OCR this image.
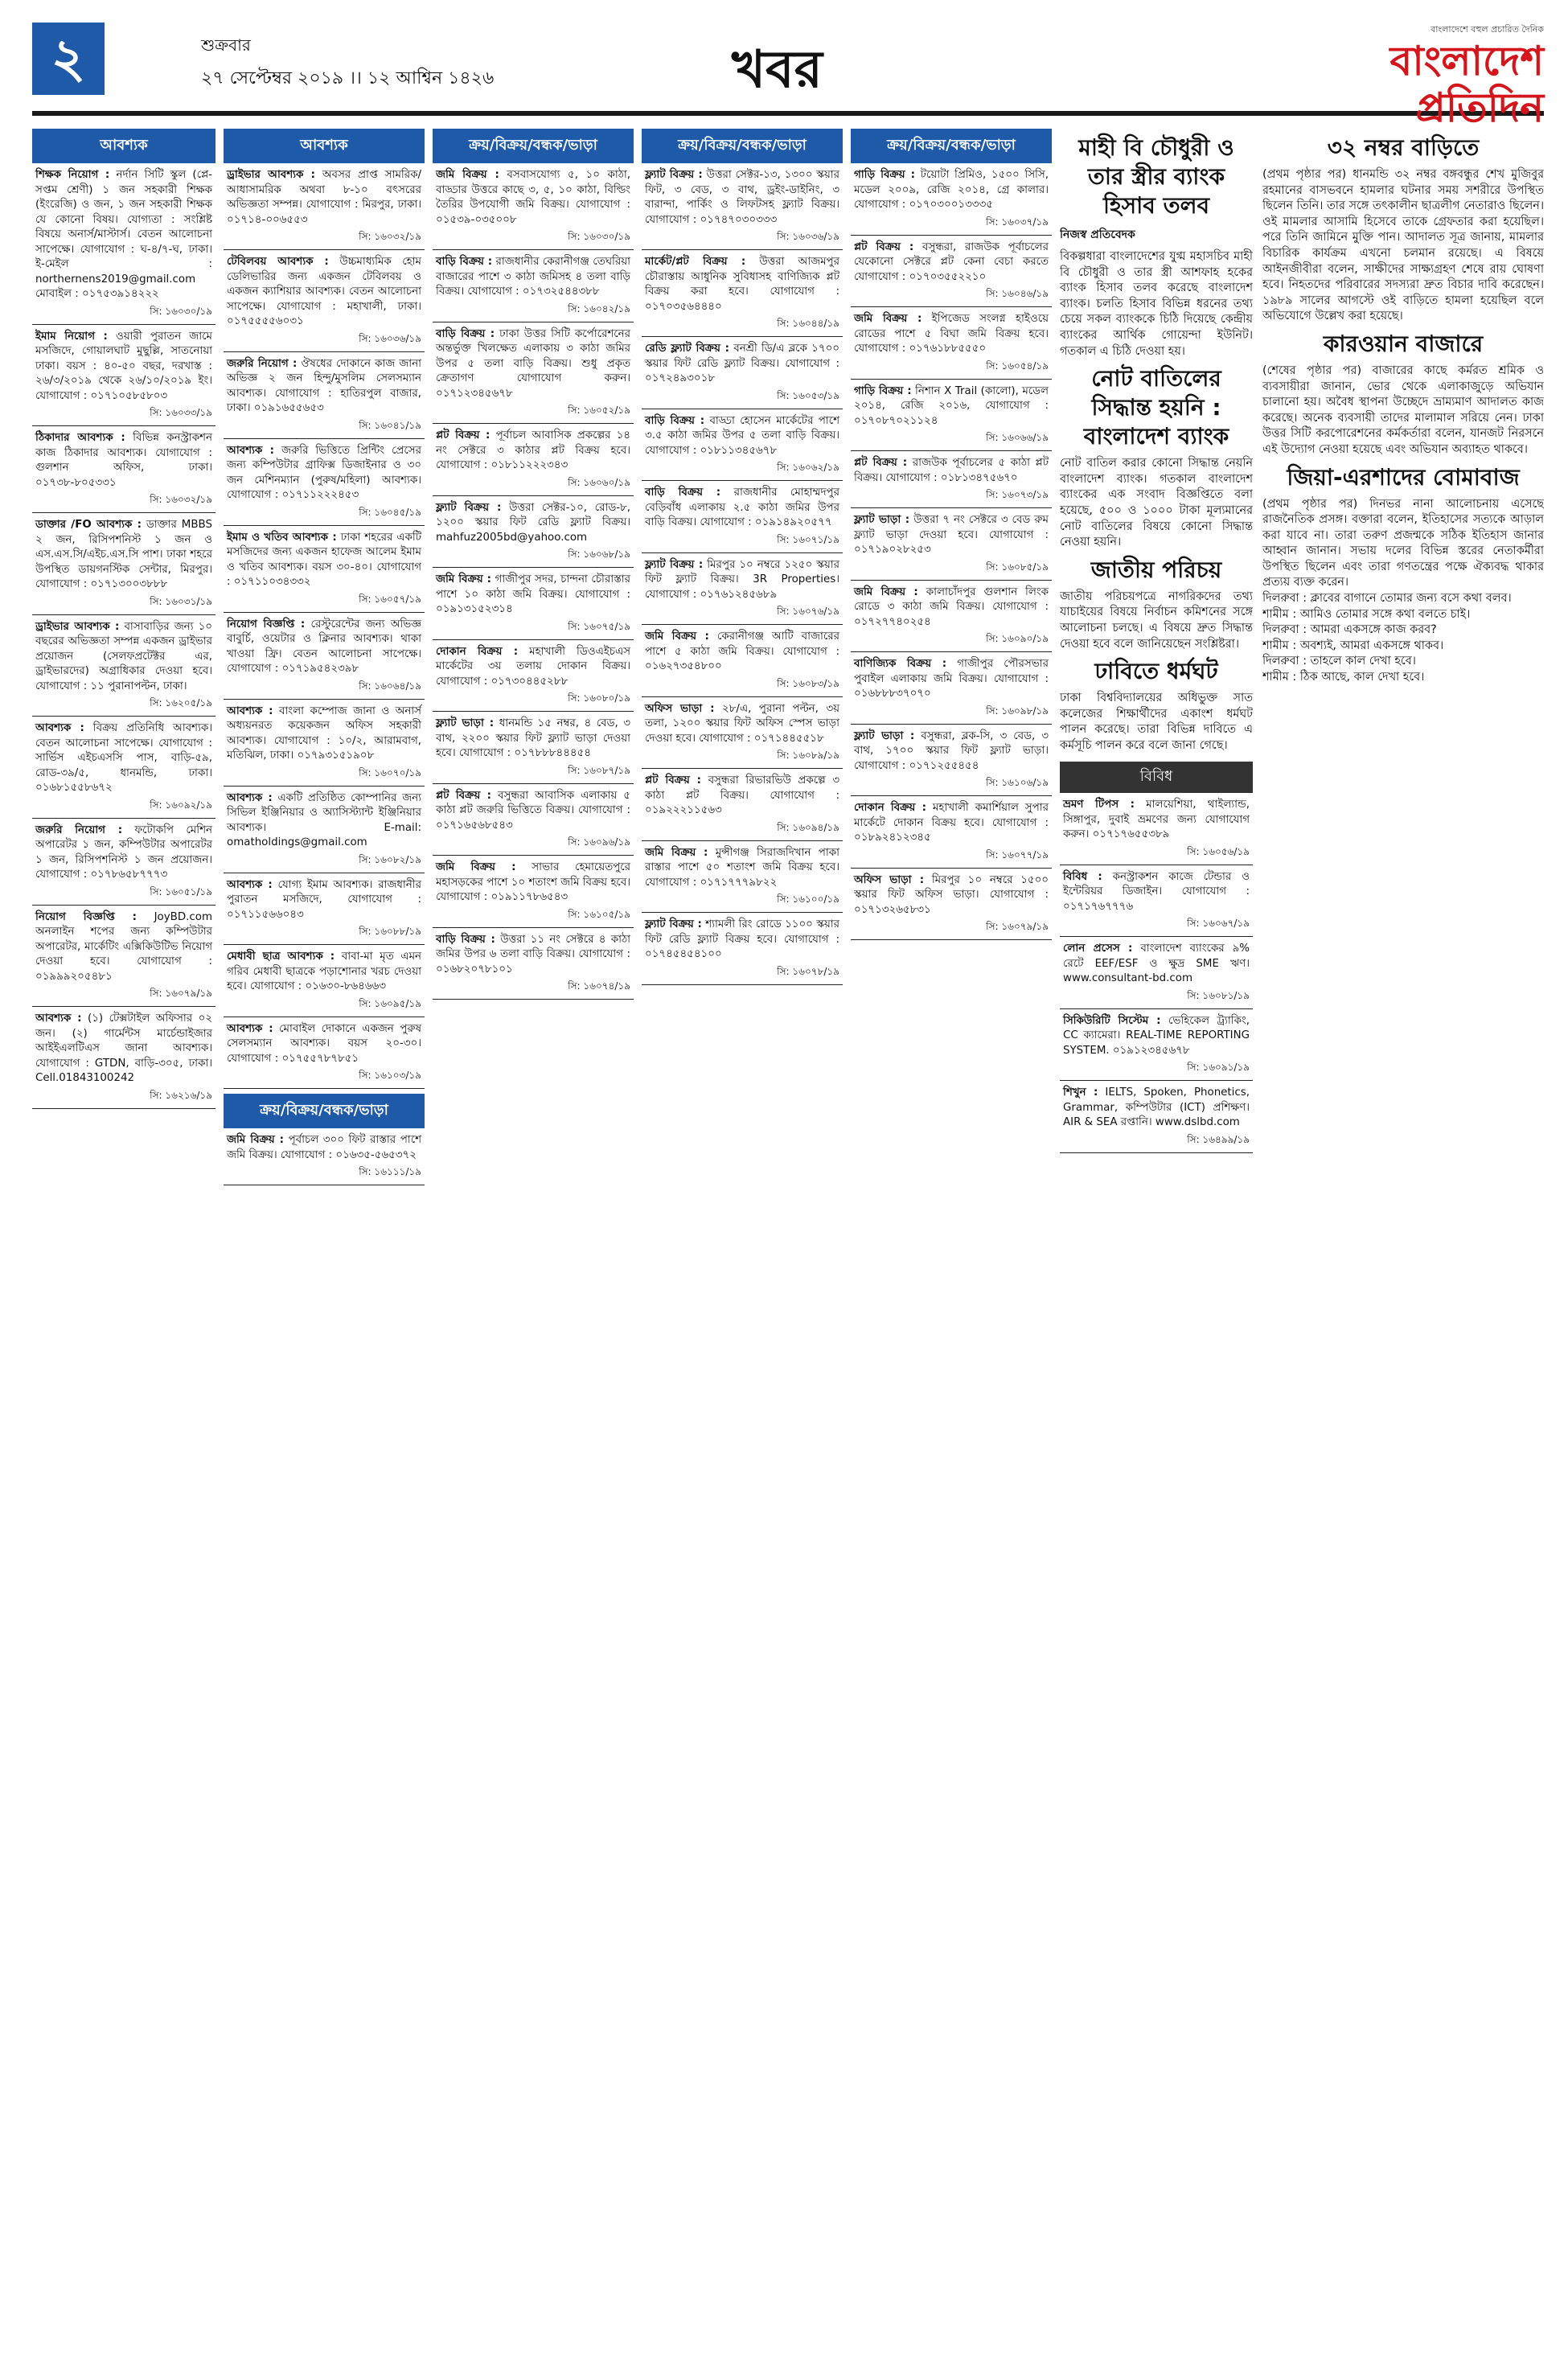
২	শুক্রবার
২৭ সেপ্টেম্বর ২০১৯ ।। ১২ আশ্বিন ১৪২৬	খবর
বাংলাদেশে বহুল প্রচারিত দৈনিক
বাংলাদেশ প্রতিদিন
আবশ্যক
শিক্ষক নিয়োগ : নর্দান সিটি স্কুল (প্লে-সপ্তম শ্রেণী) ১ জন সহকারী শিক্ষক (ইংরেজি) ও জন, ১ জন সহকারী শিক্ষক যে কোনো বিষয়। যোগ্যতা : সংশ্লিষ্ট বিষয়ে অনার্স/মাস্টার্স। বেতন আলোচনা সাপেক্ষে। যোগাযোগ : ঘ-৪/৭-ঘ, ঢাকা। ই-মেইল : northernens2019@gmail.com মোবাইল : ০১৭৫৩৯১৪২২২
সি: ১৬০৩০/১৯
ইমাম নিয়োগ : ওয়ারী পুরাতন জামে মসজিদে, গোয়ালঘাট মুছুল্লি, সাতনোয়া ঢাকা। বয়স : ৪০-৫০ বছর, দরখাস্ত : ২৬/৩/২০১৯ থেকে ২৬/১০/২০১৯ ইং। যোগাযোগ : ০১৭১০৫৮৫৮০৩
সি: ১৬০৩৩/১৯
ঠিকাদার আবশ্যক : বিভিন্ন কনস্ট্রাকশন কাজ ঠিকাদার আবশ্যক। যোগাযোগ : গুলশান অফিস, ঢাকা। ০১৭৩৮-৮০৫৩৩১
সি: ১৬০৩২/১৯
ডাক্তার /FO আবশ্যক : ডাক্তার MBBS ২ জন, রিসিপশনিস্ট ১ জন ও এস.এস.সি/এইচ.এস.সি পাশ। ঢাকা শহরে উপস্থিত ডায়গনস্টিক সেন্টার, মিরপুর। যোগাযোগ : ০১৭১৩০০৩৮৮৮
সি: ১৬০৩১/১৯
ড্রাইভার আবশ্যক : বাসাবাড়ির জন্য ১০ বছরের অভিজ্ঞতা সম্পন্ন একজন ড্রাইভার প্রয়োজন (সেলফপ্রটেক্টর এর, ড্রাইভারদের) অগ্রাধিকার দেওয়া হবে। যোগাযোগ : ১১ পুরানাপল্টন, ঢাকা।
সি: ১৬২০৫/১৯
আবশ্যক : বিক্রয় প্রতিনিধি আবশ্যক। বেতন আলোচনা সাপেক্ষে। যোগাযোগ : সার্ভিস এইচএসসি পাস, বাড়ি-৫৯, রোড-৩৯/৫, ধানমন্ডি, ঢাকা। ০১৬৮১৫৫৮৬৭২
সি: ১৬০৯২/১৯
জরুরি নিয়োগ : ফটোকপি মেশিন অপারেটর ১ জন, কম্পিউটার অপারেটর ১ জন, রিসিপশনিস্ট ১ জন প্রয়োজন। যোগাযোগ : ০১৭৮৬৫৮৭৭৭৩
সি: ১৬০৫১/১৯
নিয়োগ বিজ্ঞপ্তি : JoyBD.com অনলাইন শপের জন্য কম্পিউটার অপারেটর, মার্কেটিং এক্সিকিউটিভ নিয়োগ দেওয়া হবে। যোগাযোগ : ০১৯৯৯২০৫৪৮১
সি: ১৬০৭৯/১৯
আবশ্যক : (১) টেক্সটাইল অফিসার ০২ জন। (২) গার্মেন্টস মার্চেন্ডাইজার আইইএলটিএস জানা আবশ্যক। যোগাযোগ : GTDN, বাড়ি-৩০৫, ঢাকা। Cell.01843100242
সি: ১৬২১৬/১৯
আবশ্যক
ড্রাইভার আবশ্যক : অবসর প্রাপ্ত সামরিক/আধাসামরিক অথবা ৮-১০ বৎসরের অভিজ্ঞতা সম্পন্ন। যোগাযোগ : মিরপুর, ঢাকা। ০১৭১৪-০০৬৫৫৩
সি: ১৬০৩২/১৯
টেবিলবয় আবশ্যক : উচ্চমাধ্যমিক হোম ডেলিভারির জন্য একজন টেবিলবয় ও একজন ক্যাশিয়ার আবশ্যক। বেতন আলোচনা সাপেক্ষে। যোগাযোগ : মহাখালী, ঢাকা। ০১৭৫৫৫৫৬০৩১
সি: ১৬০৩৬/১৯
জরুরি নিয়োগ : ঔষধের দোকানে কাজ জানা অভিজ্ঞ ২ জন হিন্দু/মুসলিম সেলসম্যান আবশ্যক। যোগাযোগ : হাতিরপুল বাজার, ঢাকা। ০১৯১৬৫৫৬৫৩
সি: ১৬০৪১/১৯
আবশ্যক : জরুরি ভিত্তিতে প্রিন্টিং প্রেসের জন্য কম্পিউটার গ্রাফিক্স ডিজাইনার ও ৩০ জন মেশিনম্যান (পুরুষ/মহিলা) আবশ্যক। যোগাযোগ : ০১৭১১২২২৪৫৩
সি: ১৬০৪৫/১৯
ইমাম ও খতিব আবশ্যক : ঢাকা শহরের একটি মসজিদের জন্য একজন হাফেজ আলেম ইমাম ও খতিব আবশ্যক। বয়স ৩০-৪০। যোগাযোগ : ০১৭১১০৩৪৩৩২
সি: ১৬০৫৭/১৯
নিয়োগ বিজ্ঞপ্তি : রেস্টুরেন্টের জন্য অভিজ্ঞ বাবুর্চি, ওয়েটার ও ক্লিনার আবশ্যক। থাকা খাওয়া ফ্রি। বেতন আলোচনা সাপেক্ষে। যোগাযোগ : ০১৭১৯৫৪২৩৯৮
সি: ১৬০৬৪/১৯
আবশ্যক : বাংলা কম্পোজ জানা ও অনার্স অধ্যয়নরত কয়েকজন অফিস সহকারী আবশ্যক। যোগাযোগ : ১০/২, আরামবাগ, মতিঝিল, ঢাকা। ০১৭৯৩১৫১৯০৮
সি: ১৬০৭০/১৯
আবশ্যক : একটি প্রতিষ্ঠিত কোম্পানির জন্য সিভিল ইঞ্জিনিয়ার ও অ্যাসিস্ট্যান্ট ইঞ্জিনিয়ার আবশ্যক। E-mail: omatholdings@gmail.com
সি: ১৬০৮২/১৯
আবশ্যক : যোগ্য ইমাম আবশ্যক। রাজধানীর পুরাতন মসজিদে, যোগাযোগ : ০১৭১১৫৬৬০৪৩
সি: ১৬০৮৮/১৯
মেধাবী ছাত্র আবশ্যক : বাবা-মা মৃত এমন গরিব মেধাবী ছাত্রকে পড়াশোনার খরচ দেওয়া হবে। যোগাযোগ : ০১৬৩০-৮৬৪৬৬৩
সি: ১৬০৯৫/১৯
আবশ্যক : মোবাইল দোকানে একজন পুরুষ সেলসম্যান আবশ্যক। বয়স ২০-৩০। যোগাযোগ : ০১৭৫৫৭৮৭৮৫১
সি: ১৬১০৩/১৯
ক্রয়/বিক্রয়/বন্ধক/ভাড়া
জমি বিক্রয় : পূর্বাচল ৩০০ ফিট রাস্তার পাশে জমি বিক্রয়। যোগাযোগ : ০১৬৩৫-৫৬৫৩৭২
সি: ১৬১১১/১৯
ক্রয়/বিক্রয়/বন্ধক/ভাড়া
জমি বিক্রয় : বসবাসযোগ্য ৫, ১০ কাঠা, বাড্ডার উত্তরে কাছে ৩, ৫, ১০ কাঠা, বিল্ডিং তৈরির উপযোগী জমি বিক্রয়। যোগাযোগ : ০১৫৩৯-০৩৫০০৮
সি: ১৬০৩০/১৯
বাড়ি বিক্রয় : রাজধানীর কেরানীগঞ্জ তেঘরিয়া বাজারের পাশে ৩ কাঠা জমিসহ ৪ তলা বাড়ি বিক্রয়। যোগাযোগ : ০১৭৩২৫৪৪৩৮৮
সি: ১৬০৪২/১৯
বাড়ি বিক্রয় : ঢাকা উত্তর সিটি কর্পোরেশনের অন্তর্ভুক্ত খিলক্ষেত এলাকায় ৩ কাঠা জমির উপর ৫ তলা বাড়ি বিক্রয়। শুধু প্রকৃত ক্রেতাগণ যোগাযোগ করুন। ০১৭১২৩৪৫৬৭৮
সি: ১৬০৫২/১৯
প্লট বিক্রয় : পূর্বাচল আবাসিক প্রকল্পের ১৪ নং সেক্টরে ৩ কাঠার প্লট বিক্রয় হবে। যোগাযোগ : ০১৮১১২২২৩৪৩
সি: ১৬০৬০/১৯
ফ্ল্যাট বিক্রয় : উত্তরা সেক্টর-১০, রোড-৮, ১২০০ স্কয়ার ফিট রেডি ফ্ল্যাট বিক্রয়। mahfuz2005bd@yahoo.com
সি: ১৬০৬৮/১৯
জমি বিক্রয় : গাজীপুর সদর, চান্দনা চৌরাস্তার পাশে ১০ কাঠা জমি বিক্রয়। যোগাযোগ : ০১৯১৩১৫২৩১৪
সি: ১৬০৭৫/১৯
দোকান বিক্রয় : মহাখালী ডিওএইচএস মার্কেটের ৩য় তলায় দোকান বিক্রয়। যোগাযোগ : ০১৭৩০৪৪৫২৮৮
সি: ১৬০৮০/১৯
ফ্ল্যাট ভাড়া : ধানমন্ডি ১৫ নম্বর, ৪ বেড, ৩ বাথ, ২২০০ স্কয়ার ফিট ফ্ল্যাট ভাড়া দেওয়া হবে। যোগাযোগ : ০১৭৮৮৮৪৪৪৫৪
সি: ১৬০৮৭/১৯
প্লট বিক্রয় : বসুন্ধরা আবাসিক এলাকায় ৫ কাঠা প্লট জরুরি ভিত্তিতে বিক্রয়। যোগাযোগ : ০১৭১৬৫৬৮৫৪৩
সি: ১৬০৯৬/১৯
জমি বিক্রয় : সাভার হেমায়েতপুরে মহাসড়কের পাশে ১০ শতাংশ জমি বিক্রয় হবে। যোগাযোগ : ০১৯১১৭৮৬৫৪৩
সি: ১৬১০৫/১৯
বাড়ি বিক্রয় : উত্তরা ১১ নং সেক্টরে ৪ কাঠা জমির উপর ৬ তলা বাড়ি বিক্রয়। যোগাযোগ : ০১৬৮২০৭৮১০১
সি: ১৬০৭৪/১৯
ক্রয়/বিক্রয়/বন্ধক/ভাড়া
ফ্ল্যাট বিক্রয় : উত্তরা সেক্টর-১৩, ১৩০০ স্কয়ার ফিট, ৩ বেড, ৩ বাথ, ড্রইং-ডাইনিং, ৩ বারান্দা, পার্কিং ও লিফটসহ ফ্ল্যাট বিক্রয়। যোগাযোগ : ০১৭৪৭০৩০৩৩৩
সি: ১৬০৩৬/১৯
মার্কেট/প্লট বিক্রয় : উত্তরা আজমপুর চৌরাস্তায় আধুনিক সুবিধাসহ বাণিজ্যিক প্লট বিক্রয় করা হবে। যোগাযোগ : ০১৭০৩৫৬৪৪৪০
সি: ১৬০৪৪/১৯
রেডি ফ্ল্যাট বিক্রয় : বনশ্রী ডি/এ ব্লকে ১৭০০ স্কয়ার ফিট রেডি ফ্ল্যাট বিক্রয়। যোগাযোগ : ০১৭২৪৯৩০১৮
সি: ১৬০৫৩/১৯
বাড়ি বিক্রয় : বাড্ডা হোসেন মার্কেটের পাশে ৩.৫ কাঠা জমির উপর ৫ তলা বাড়ি বিক্রয়। যোগাযোগ : ০১৮১১৩৪৫৬৭৮
সি: ১৬০৬২/১৯
বাড়ি বিক্রয় : রাজধানীর মোহাম্মদপুর বেড়িবাঁধ এলাকায় ২.৫ কাঠা জমির উপর বাড়ি বিক্রয়। যোগাযোগ : ০১৯১৪৯২০৫৭৭
সি: ১৬০৭১/১৯
ফ্ল্যাট বিক্রয় : মিরপুর ১০ নম্বরে ১২৫০ স্কয়ার ফিট ফ্ল্যাট বিক্রয়। 3R Properties। যোগাযোগ : ০১৭৬১২৪৫৬৮৯
সি: ১৬০৭৬/১৯
জমি বিক্রয় : কেরানীগঞ্জ আটি বাজারের পাশে ৫ কাঠা জমি বিক্রয়। যোগাযোগ : ০১৬২৭৩৫৪৮০০
সি: ১৬০৮৩/১৯
অফিস ভাড়া : ২৮/এ, পুরানা পল্টন, ৩য় তলা, ১২০০ স্কয়ার ফিট অফিস স্পেস ভাড়া দেওয়া হবে। যোগাযোগ : ০১৭১৪৪৫৫১৮
সি: ১৬০৮৯/১৯
প্লট বিক্রয় : বসুন্ধরা রিভারভিউ প্রকল্পে ৩ কাঠা প্লট বিক্রয়। যোগাযোগ : ০১৯২২২১১৫৬৩
সি: ১৬০৯৪/১৯
জমি বিক্রয় : মুন্সীগঞ্জ সিরাজদিখান পাকা রাস্তার পাশে ৫০ শতাংশ জমি বিক্রয় হবে। যোগাযোগ : ০১৭১৭৭৭৯৮২২
সি: ১৬১০০/১৯
ফ্ল্যাট বিক্রয় : শ্যামলী রিং রোডে ১১০০ স্কয়ার ফিট রেডি ফ্ল্যাট বিক্রয় হবে। যোগাযোগ : ০১৭৪৫৪৫৪১০০
সি: ১৬০৭৮/১৯
ক্রয়/বিক্রয়/বন্ধক/ভাড়া
গাড়ি বিক্রয় : টয়োটা প্রিমিও, ১৫০০ সিসি, মডেল ২০০৯, রেজি ২০১৪, গ্রে কালার। যোগাযোগ : ০১৭০৩০০১৩৩৩৫
সি: ১৬০৩৭/১৯
প্লট বিক্রয় : বসুন্ধরা, রাজউক পূর্বাচলের যেকোনো সেক্টরে প্লট কেনা বেচা করতে যোগাযোগ : ০১৭০৩৫৫২২১০
সি: ১৬০৪৬/১৯
জমি বিক্রয় : ইপিজেড সংলগ্ন হাইওয়ে রোডের পাশে ৫ বিঘা জমি বিক্রয় হবে। যোগাযোগ : ০১৭৬১৮৮৫৫৫০
সি: ১৬০৫৪/১৯
গাড়ি বিক্রয় : নিশান X Trail (কালো), মডেল ২০১৪, রেজি ২০১৬, যোগাযোগ : ০১৭০৮৭০২১১২৪
সি: ১৬০৬৬/১৯
প্লট বিক্রয় : রাজউক পূর্বাচলের ৫ কাঠা প্লট বিক্রয়। যোগাযোগ : ০১৮১৩৪৭৫৬৭০
সি: ১৬০৭৩/১৯
ফ্ল্যাট ভাড়া : উত্তরা ৭ নং সেক্টরে ৩ বেড রুম ফ্ল্যাট ভাড়া দেওয়া হবে। যোগাযোগ : ০১৭১৯০২৮২৫৩
সি: ১৬০৮৫/১৯
জমি বিক্রয় : কালাচাঁদপুর গুলশান লিংক রোডে ৩ কাঠা জমি বিক্রয়। যোগাযোগ : ০১৭২৭৭৪০২৫৪
সি: ১৬০৯০/১৯
বাণিজ্যিক বিক্রয় : গাজীপুর পৌরসভার পুবাইল এলাকায় জমি বিক্রয়। যোগাযোগ : ০১৬৮৮৮৩৭০৭০
সি: ১৬০৯৮/১৯
ফ্ল্যাট ভাড়া : বসুন্ধরা, ব্লক-সি, ৩ বেড, ৩ বাথ, ১৭০০ স্কয়ার ফিট ফ্ল্যাট ভাড়া। যোগাযোগ : ০১৭১২৫৫৪৫৪
সি: ১৬১০৬/১৯
দোকান বিক্রয় : মহাখালী কমার্শিয়াল সুপার মার্কেটে দোকান বিক্রয় হবে। যোগাযোগ : ০১৮৯২৪১২৩৪৫
সি: ১৬০৭৭/১৯
অফিস ভাড়া : মিরপুর ১০ নম্বরে ১৫০০ স্কয়ার ফিট অফিস ভাড়া। যোগাযোগ : ০১৭১৩২৬৫৮৩১
সি: ১৬০৭৯/১৯
মাহী বি চৌধুরী ও তার স্ত্রীর ব্যাংক হিসাব তলব
নিজস্ব প্রতিবেদক
বিকল্পধারা বাংলাদেশের যুগ্ম মহাসচিব মাহী বি চৌধুরী ও তার স্ত্রী আশফাহ হকের ব্যাংক হিসাব তলব করেছে বাংলাদেশ ব্যাংক। চলতি হিসাব বিভিন্ন ধরনের তথ্য চেয়ে সকল ব্যাংককে চিঠি দিয়েছে কেন্দ্রীয় ব্যাংকের আর্থিক গোয়েন্দা ইউনিট। গতকাল এ চিঠি দেওয়া হয়।
নোট বাতিলের সিদ্ধান্ত হয়নি : বাংলাদেশ ব্যাংক
নোট বাতিল করার কোনো সিদ্ধান্ত নেয়নি বাংলাদেশ ব্যাংক। গতকাল বাংলাদেশ ব্যাংকের এক সংবাদ বিজ্ঞপ্তিতে বলা হয়েছে, ৫০০ ও ১০০০ টাকা মূল্যমানের নোট বাতিলের বিষয়ে কোনো সিদ্ধান্ত নেওয়া হয়নি।
জাতীয় পরিচয়
জাতীয় পরিচয়পত্রে নাগরিকদের তথ্য যাচাইয়ের বিষয়ে নির্বাচন কমিশনের সঙ্গে আলোচনা চলছে। এ বিষয়ে দ্রুত সিদ্ধান্ত দেওয়া হবে বলে জানিয়েছেন সংশ্লিষ্টরা।
ঢাবিতে ধর্মঘট
ঢাকা বিশ্ববিদ্যালয়ের অধিভুক্ত সাত কলেজের শিক্ষার্থীদের একাংশ ধর্মঘট পালন করেছে। তারা বিভিন্ন দাবিতে এ কর্মসূচি পালন করে বলে জানা গেছে।
বিবিধ
ভ্রমণ টিপস : মালয়েশিয়া, থাইল্যান্ড, সিঙ্গাপুর, দুবাই ভ্রমণের জন্য যোগাযোগ করুন। ০১৭১৭৬৫৫৩৮৯
সি: ১৬০৫৬/১৯
বিবিধ : কনস্ট্রাকশন কাজে টেন্ডার ও ইন্টেরিয়র ডিজাইন। যোগাযোগ : ০১৭১৭৬৭৭৭৬
সি: ১৬০৬৭/১৯
লোন প্রসেস : বাংলাদেশ ব্যাংকের ৯% রেটে EEF/ESF ও ক্ষুদ্র SME ঋণ। www.consultant-bd.com
সি: ১৬০৮১/১৯
সিকিউরিটি সিস্টেম : ভেহিকেল ট্র্যাকিং, CC ক্যামেরা। REAL-TIME REPORTING SYSTEM. ০১৯১২৩৪৫৬৭৮
সি: ১৬০৯১/১৯
শিখুন : IELTS, Spoken, Phonetics, Grammar, কম্পিউটার (ICT) প্রশিক্ষণ। AIR & SEA রপ্তানি। www.dslbd.com
সি: ১৬৪৯৯/১৯
৩২ নম্বর বাড়িতে
(প্রথম পৃষ্ঠার পর) ধানমন্ডি ৩২ নম্বর বঙ্গবন্ধুর শেখ মুজিবুর রহমানের বাসভবনে হামলার ঘটনার সময় সশরীরে উপস্থিত ছিলেন তিনি। তার সঙ্গে তৎকালীন ছাত্রলীগ নেতারাও ছিলেন। ওই মামলার আসামি হিসেবে তাকে গ্রেফতার করা হয়েছিল। পরে তিনি জামিনে মুক্তি পান। আদালত সূত্র জানায়, মামলার বিচারিক কার্যক্রম এখনো চলমান রয়েছে। এ বিষয়ে আইনজীবীরা বলেন, সাক্ষীদের সাক্ষ্যগ্রহণ শেষে রায় ঘোষণা হবে। নিহতদের পরিবারের সদস্যরা দ্রুত বিচার দাবি করেছেন। ১৯৮৯ সালের আগস্টে ওই বাড়িতে হামলা হয়েছিল বলে অভিযোগে উল্লেখ করা হয়েছে।
কারওয়ান বাজারে
(শেষের পৃষ্ঠার পর) বাজারের কাছে কর্মরত শ্রমিক ও ব্যবসায়ীরা জানান, ভোর থেকে এলাকাজুড়ে অভিযান চালানো হয়। অবৈধ স্থাপনা উচ্ছেদে ভ্রাম্যমাণ আদালত কাজ করেছে। অনেক ব্যবসায়ী তাদের মালামাল সরিয়ে নেন। ঢাকা উত্তর সিটি করপোরেশনের কর্মকর্তারা বলেন, যানজট নিরসনে এই উদ্যোগ নেওয়া হয়েছে এবং অভিযান অব্যাহত থাকবে।
জিয়া-এরশাদের বোমাবাজ
(প্রথম পৃষ্ঠার পর) দিনভর নানা আলোচনায় এসেছে রাজনৈতিক প্রসঙ্গ। বক্তারা বলেন, ইতিহাসের সত্যকে আড়াল করা যাবে না। তারা তরুণ প্রজন্মকে সঠিক ইতিহাস জানার আহ্বান জানান। সভায় দলের বিভিন্ন স্তরের নেতাকর্মীরা উপস্থিত ছিলেন এবং তারা গণতন্ত্রের পক্ষে ঐক্যবদ্ধ থাকার প্রত্যয় ব্যক্ত করেন।
দিলরুবা : ক্লাবের বাগানে তোমার জন্য বসে কথা বলব।
শামীম : আমিও তোমার সঙ্গে কথা বলতে চাই।
দিলরুবা : আমরা একসঙ্গে কাজ করব?
শামীম : অবশ্যই, আমরা একসঙ্গে থাকব।
দিলরুবা : তাহলে কাল দেখা হবে।
শামীম : ঠিক আছে, কাল দেখা হবে।
